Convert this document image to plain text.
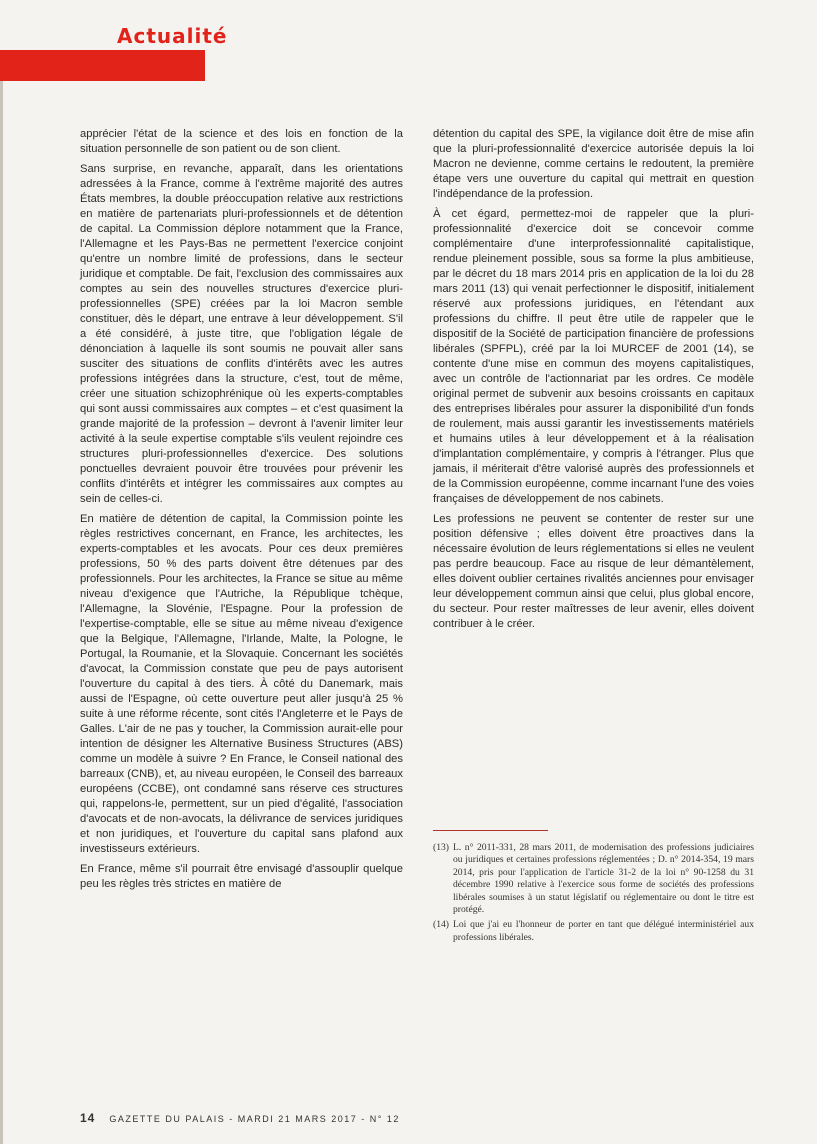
Actualité

apprécier l'état de la science et des lois en fonction de la situation personnelle de son patient ou de son client.

Sans surprise, en revanche, apparaît, dans les orientations adressées à la France, comme à l'extrême majorité des autres États membres, la double préoccupation relative aux restrictions en matière de partenariats pluri-professionnels et de détention de capital. La Commission déplore notamment que la France, l'Allemagne et les Pays-Bas ne permettent l'exercice conjoint qu'entre un nombre limité de professions, dans le secteur juridique et comptable. De fait, l'exclusion des commissaires aux comptes au sein des nouvelles structures d'exercice pluri-professionnelles (SPE) créées par la loi Macron semble constituer, dès le départ, une entrave à leur développement. S'il a été considéré, à juste titre, que l'obligation légale de dénonciation à laquelle ils sont soumis ne pouvait aller sans susciter des situations de conflits d'intérêts avec les autres professions intégrées dans la structure, c'est, tout de même, créer une situation schizophrénique où les experts-comptables qui sont aussi commissaires aux comptes – et c'est quasiment la grande majorité de la profession – devront à l'avenir limiter leur activité à la seule expertise comptable s'ils veulent rejoindre ces structures pluri-professionnelles d'exercice. Des solutions ponctuelles devraient pouvoir être trouvées pour prévenir les conflits d'intérêts et intégrer les commissaires aux comptes au sein de celles-ci.

En matière de détention de capital, la Commission pointe les règles restrictives concernant, en France, les architectes, les experts-comptables et les avocats. Pour ces deux premières professions, 50 % des parts doivent être détenues par des professionnels. Pour les architectes, la France se situe au même niveau d'exigence que l'Autriche, la République tchèque, l'Allemagne, la Slovénie, l'Espagne. Pour la profession de l'expertise-comptable, elle se situe au même niveau d'exigence que la Belgique, l'Allemagne, l'Irlande, Malte, la Pologne, le Portugal, la Roumanie, et la Slovaquie. Concernant les sociétés d'avocat, la Commission constate que peu de pays autorisent l'ouverture du capital à des tiers. À côté du Danemark, mais aussi de l'Espagne, où cette ouverture peut aller jusqu'à 25 % suite à une réforme récente, sont cités l'Angleterre et le Pays de Galles. L'air de ne pas y toucher, la Commission aurait-elle pour intention de désigner les Alternative Business Structures (ABS) comme un modèle à suivre ? En France, le Conseil national des barreaux (CNB), et, au niveau européen, le Conseil des barreaux européens (CCBE), ont condamné sans réserve ces structures qui, rappelons-le, permettent, sur un pied d'égalité, l'association d'avocats et de non-avocats, la délivrance de services juridiques et non juridiques, et l'ouverture du capital sans plafond aux investisseurs extérieurs.

En France, même s'il pourrait être envisagé d'assouplir quelque peu les règles très strictes en matière de

détention du capital des SPE, la vigilance doit être de mise afin que la pluri-professionnalité d'exercice autorisée depuis la loi Macron ne devienne, comme certains le redoutent, la première étape vers une ouverture du capital qui mettrait en question l'indépendance de la profession.

À cet égard, permettez-moi de rappeler que la pluri-professionnalité d'exercice doit se concevoir comme complémentaire d'une interprofessionnalité capitalistique, rendue pleinement possible, sous sa forme la plus ambitieuse, par le décret du 18 mars 2014 pris en application de la loi du 28 mars 2011 (13) qui venait perfectionner le dispositif, initialement réservé aux professions juridiques, en l'étendant aux professions du chiffre. Il peut être utile de rappeler que le dispositif de la Société de participation financière de professions libérales (SPFPL), créé par la loi MURCEF de 2001 (14), se contente d'une mise en commun des moyens capitalistiques, avec un contrôle de l'actionnariat par les ordres. Ce modèle original permet de subvenir aux besoins croissants en capitaux des entreprises libérales pour assurer la disponibilité d'un fonds de roulement, mais aussi garantir les investissements matériels et humains utiles à leur développement et à la réalisation d'implantation complémentaire, y compris à l'étranger. Plus que jamais, il mériterait d'être valorisé auprès des professionnels et de la Commission européenne, comme incarnant l'une des voies françaises de développement de nos cabinets.

Les professions ne peuvent se contenter de rester sur une position défensive ; elles doivent être proactives dans la nécessaire évolution de leurs réglementations si elles ne veulent pas perdre beaucoup. Face au risque de leur démantèlement, elles doivent oublier certaines rivalités anciennes pour envisager leur développement commun ainsi que celui, plus global encore, du secteur. Pour rester maîtresses de leur avenir, elles doivent contribuer à le créer.

(13) L. n° 2011-331, 28 mars 2011, de modernisation des professions judiciaires ou juridiques et certaines professions réglementées ; D. n° 2014-354, 19 mars 2014, pris pour l'application de l'article 31-2 de la loi n° 90-1258 du 31 décembre 1990 relative à l'exercice sous forme de sociétés des professions libérales soumises à un statut législatif ou réglementaire ou dont le titre est protégé.
(14) Loi que j'ai eu l'honneur de porter en tant que délégué interministériel aux professions libérales.
14 GAZETTE DU PALAIS - MARDI 21 MARS 2017 - N° 12
